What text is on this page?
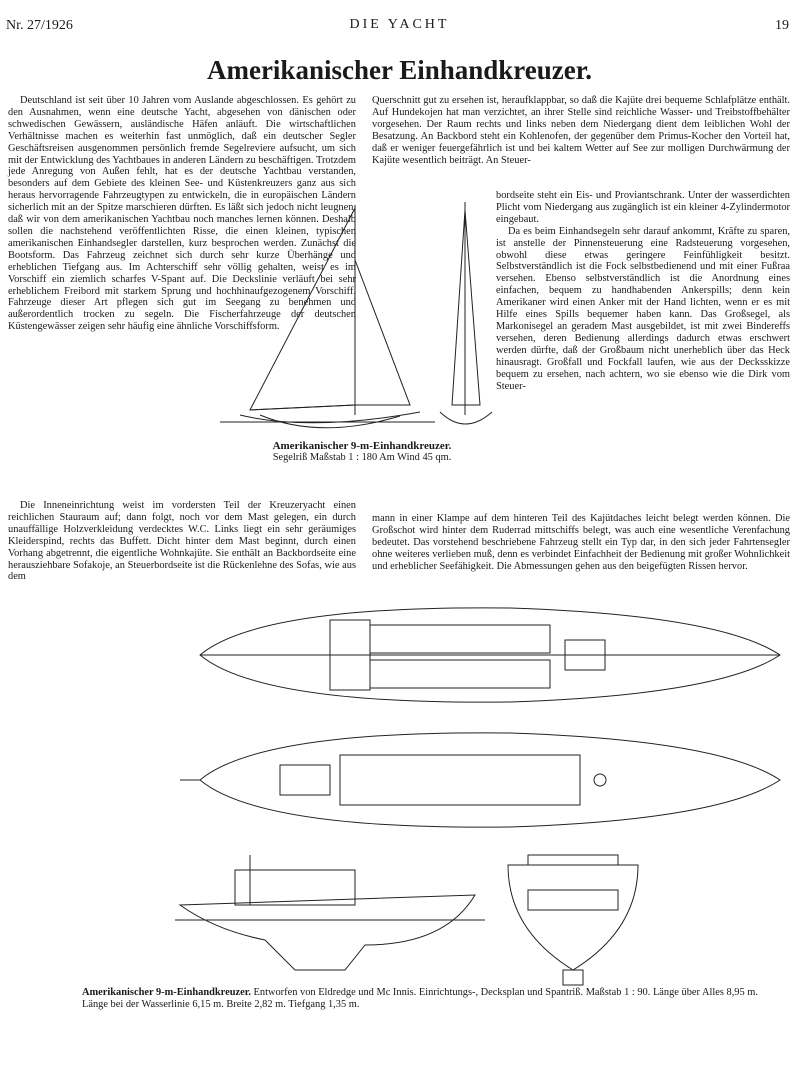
Nr. 27/1926	DIE YACHT	19
Amerikanischer Einhandkreuzer.

Deutschland ist seit über 10 Jahren vom Auslande abgeschlossen. Es gehört zu den Ausnahmen, wenn eine deutsche Yacht, abgesehen von dänischen oder schwedischen Gewässern, ausländische Häfen anläuft. Die wirtschaftlichen Verhältnisse machen es weiterhin fast unmöglich, daß ein deutscher Segler Geschäftsreisen ausgenommen persönlich fremde Segelreviere aufsucht, um sich mit der Entwicklung des Yachtbaues in anderen Ländern zu beschäftigen. Trotzdem jede Anregung von Außen fehlt, hat es der deutsche Yachtbau verstanden, besonders auf dem Gebiete des kleinen See- und Küstenkreuzers ganz aus sich heraus hervorragende Fahrzeugtypen zu entwickeln, die in europäischen Ländern sicherlich mit an der Spitze marschieren dürften. Es läßt sich jedoch nicht leugnen, daß wir von dem amerikanischen Yachtbau noch manches lernen können. Deshalb sollen die nachstehend veröffentlichten Risse, die einen kleinen, typischen amerikanischen Einhandsegler darstellen, kurz besprochen werden. Zunächst die Bootsform. Das Fahrzeug zeichnet sich durch sehr kurze Überhänge und erheblichen Tiefgang aus. Im Achterschiff sehr völlig gehalten, weist es im Vorschiff ein ziemlich scharfes V-Spant auf. Die Deckslinie verläuft bei sehr erheblichem Freibord mit starkem Sprung und hochhinaufgezogenem Vorschiff. Fahrzeuge dieser Art pflegen sich gut im Seegang zu benehmen und außerordentlich trocken zu segeln. Die Fischerfahrzeuge der deutschen Küstengewässer zeigen sehr häufig eine ähnliche Vorschiffsform.

Querschnitt gut zu ersehen ist, heraufklappbar, so daß die Kajüte drei bequeme Schlafplätze enthält. Auf Hundekojen hat man verzichtet, an ihrer Stelle sind reichliche Wasser- und Treibstoffbehälter vorgesehen. Der Raum rechts und links neben dem Niedergang dient dem leiblichen Wohl der Besatzung. An Backbord steht ein Kohlenofen, der gegenüber dem Primus-Kocher den Vorteil hat, daß er weniger feuergefährlich ist und bei kaltem Wetter auf See zur molligen Durchwärmung der Kajüte wesentlich beiträgt. An Steuer-

bordseite steht ein Eis- und Proviantschrank. Unter der wasserdichten Plicht vom Niedergang aus zugänglich ist ein kleiner 4-Zylindermotor eingebaut.

Da es beim Einhandsegeln sehr darauf ankommt, Kräfte zu sparen, ist anstelle der Pinnensteuerung eine Radsteuerung vorgesehen, obwohl diese etwas geringere Feinfühligkeit besitzt. Selbstverständlich ist die Fock selbstbedienend und mit einer Fußraa versehen. Ebenso selbstverständlich ist die Anordnung eines einfachen, bequem zu handhabenden Ankerspills; denn kein Amerikaner wird einen Anker mit der Hand lichten, wenn er es mit Hilfe eines Spills bequemer haben kann. Das Großsegel, als Markonisegel an geradem Mast ausgebildet, ist mit zwei Bindereffs versehen, deren Bedienung allerdings dadurch etwas erschwert werden dürfte, daß der Großbaum nicht unerheblich über das Heck hinausragt. Großfall und Fockfall laufen, wie aus der Decksskizze bequem zu ersehen, nach achtern, wo sie ebenso wie die Dirk vom Steuer-

Amerikanischer 9-m-Einhandkreuzer.
Segelriß Maßstab 1 : 180 Am Wind 45 qm.

Die Inneneinrichtung weist im vordersten Teil der Kreuzeryacht einen reichlichen Stauraum auf; dann folgt, noch vor dem Mast gelegen, ein durch unauffällige Holzverkleidung verdecktes W.C. Links liegt ein sehr geräumiges Kleiderspind, rechts das Buffett. Dicht hinter dem Mast beginnt, durch einen Vorhang abgetrennt, die eigentliche Wohnkajüte. Sie enthält an Backbordseite eine herausziehbare Sofakoje, an Steuerbordseite ist die Rückenlehne des Sofas, wie aus dem

mann in einer Klampe auf dem hinteren Teil des Kajütdaches leicht belegt werden können. Die Großschot wird hinter dem Ruderrad mittschiffs belegt, was auch eine wesentliche Verenfachung bedeutet. Das vorstehend beschriebene Fahrzeug stellt ein Typ dar, in den sich jeder Fahrtensegler ohne weiteres verlieben muß, denn es verbindet Einfachheit der Bedienung mit großer Wohnlichkeit und erheblicher Seefähigkeit. Die Abmessungen gehen aus den beigefügten Rissen hervor.

Amerikanischer 9-m-Einhandkreuzer. Entworfen von Eldredge und Mc Innis. Einrichtungs-, Decksplan und Spantriß. Maßstab 1 : 90. Länge über Alles 8,95 m. Länge bei der Wasserlinie 6,15 m. Breite 2,82 m. Tiefgang 1,35 m.
